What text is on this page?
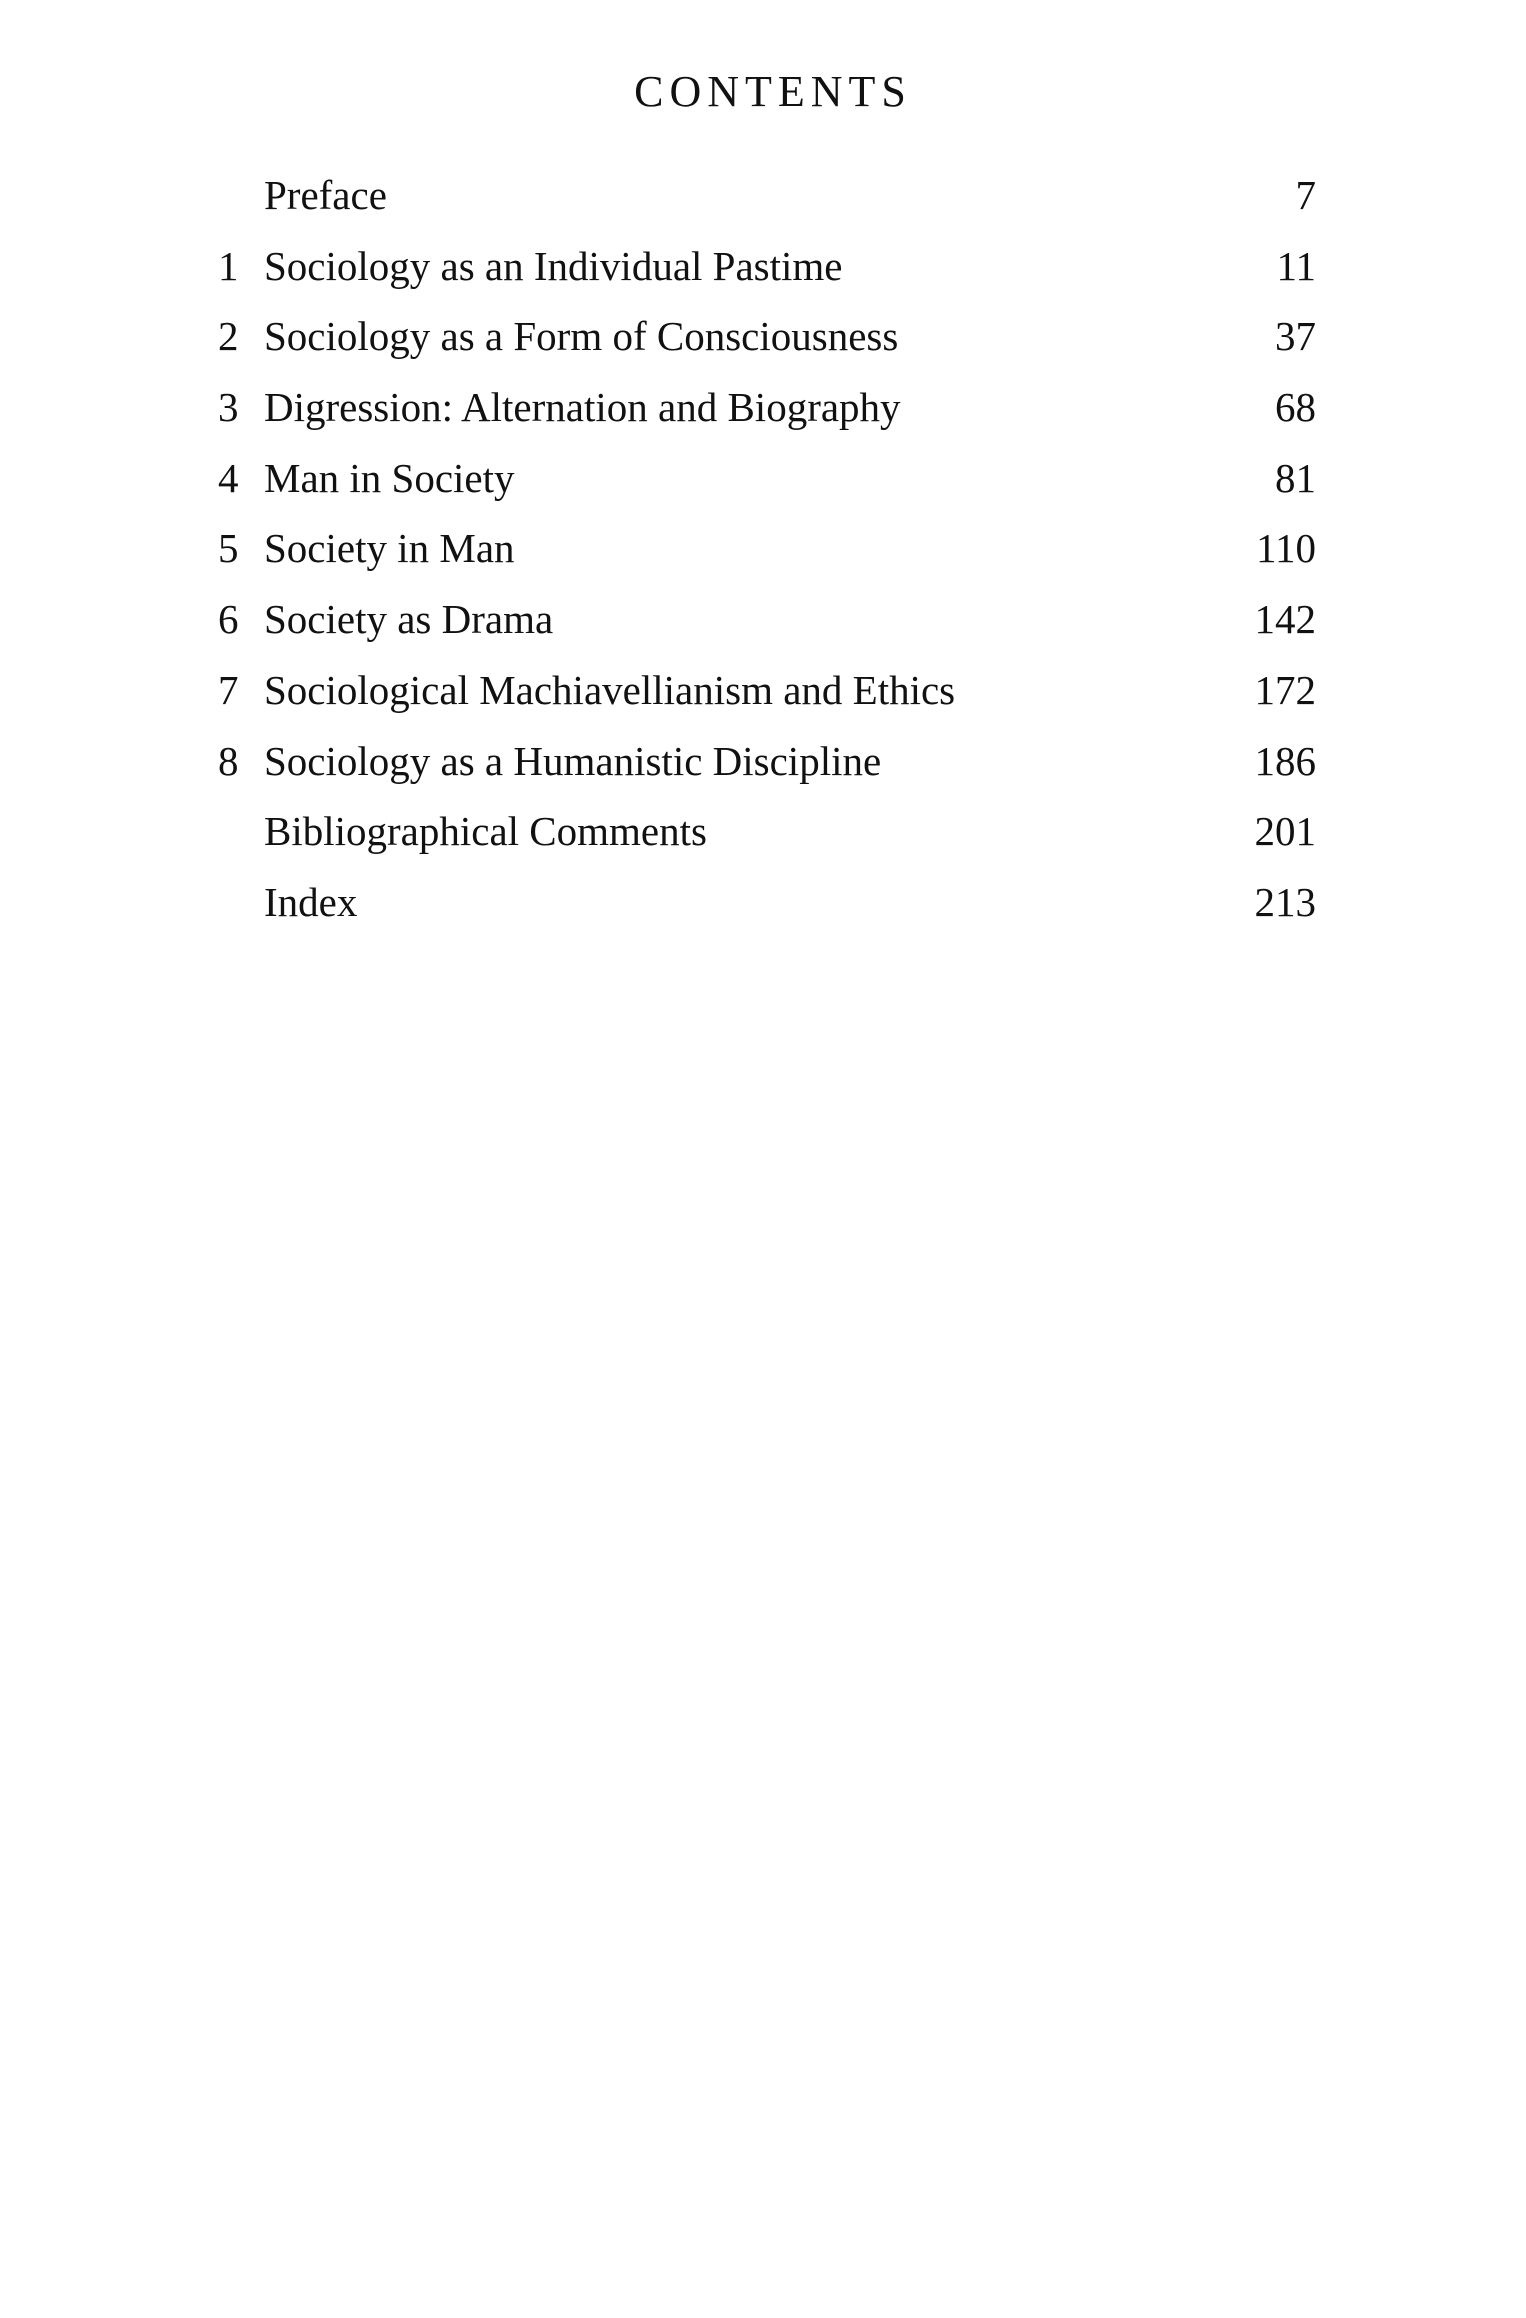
CONTENTS
Preface	7
1 Sociology as an Individual Pastime	11
2 Sociology as a Form of Consciousness	37
3 Digression: Alternation and Biography	68
4 Man in Society	81
5 Society in Man	110
6 Society as Drama	142
7 Sociological Machiavellianism and Ethics	172
8 Sociology as a Humanistic Discipline	186
Bibliographical Comments	201
Index	213
